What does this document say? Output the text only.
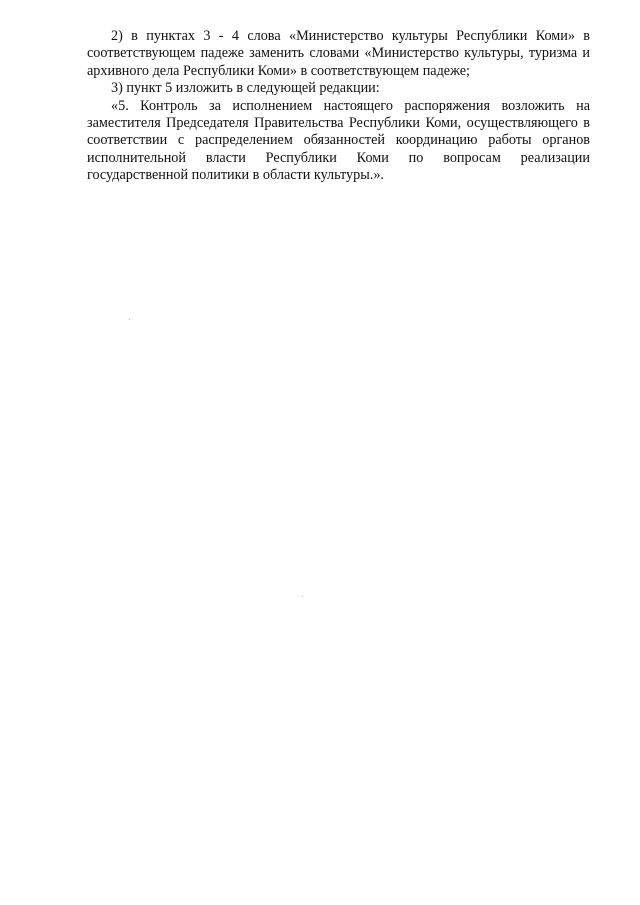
2) в пунктах 3 - 4 слова «Министерство культуры Республики Коми» в соответствующем падеже заменить словами «Министерство культуры, туризма и архивного дела Республики Коми» в соответствующем падеже;

3) пункт 5 изложить в следующей редакции:

«5. Контроль за исполнением настоящего распоряжения возложить на заместителя Председателя Правительства Республики Коми, осуществляющего в соответствии с распределением обязанностей координацию работы органов исполнительной власти Республики Коми по вопросам реализации государственной политики в области культуры.».
